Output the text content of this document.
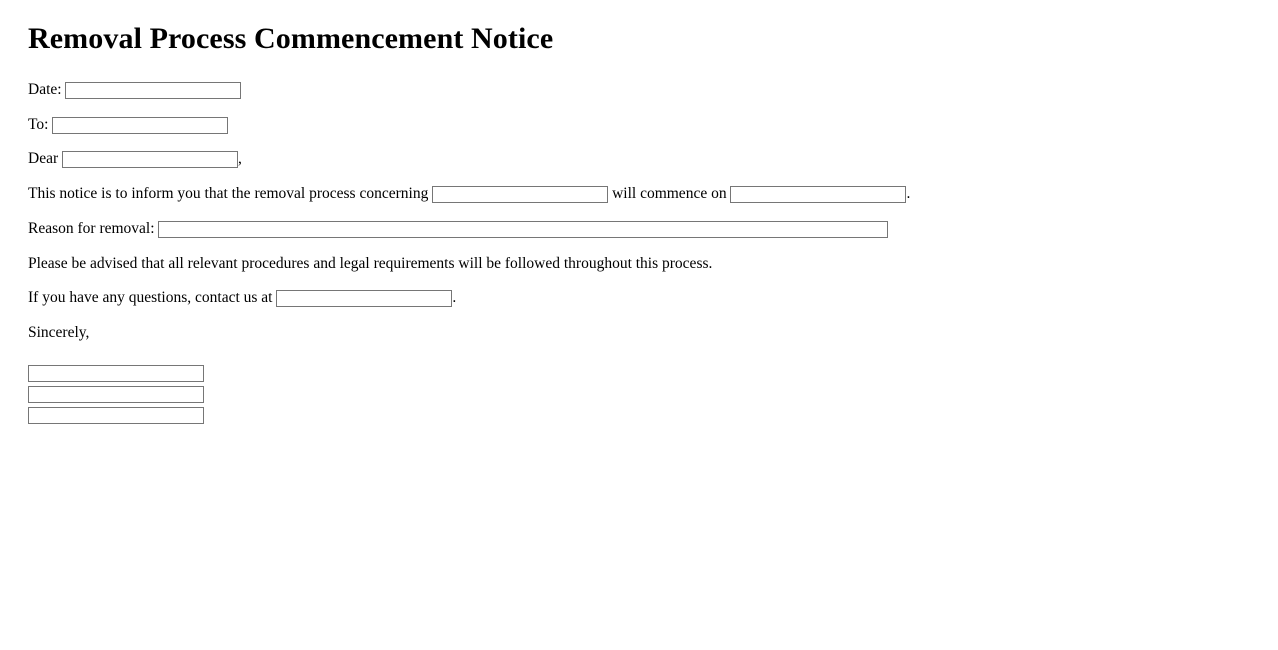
Removal Process Commencement Notice
Date:
To:
Dear	,
This notice is to inform you that the removal process concerning	will commence on	.
Reason for removal:
Please be advised that all relevant procedures and legal requirements will be followed throughout this process.
If you have any questions, contact us at	.
Sincerely,
